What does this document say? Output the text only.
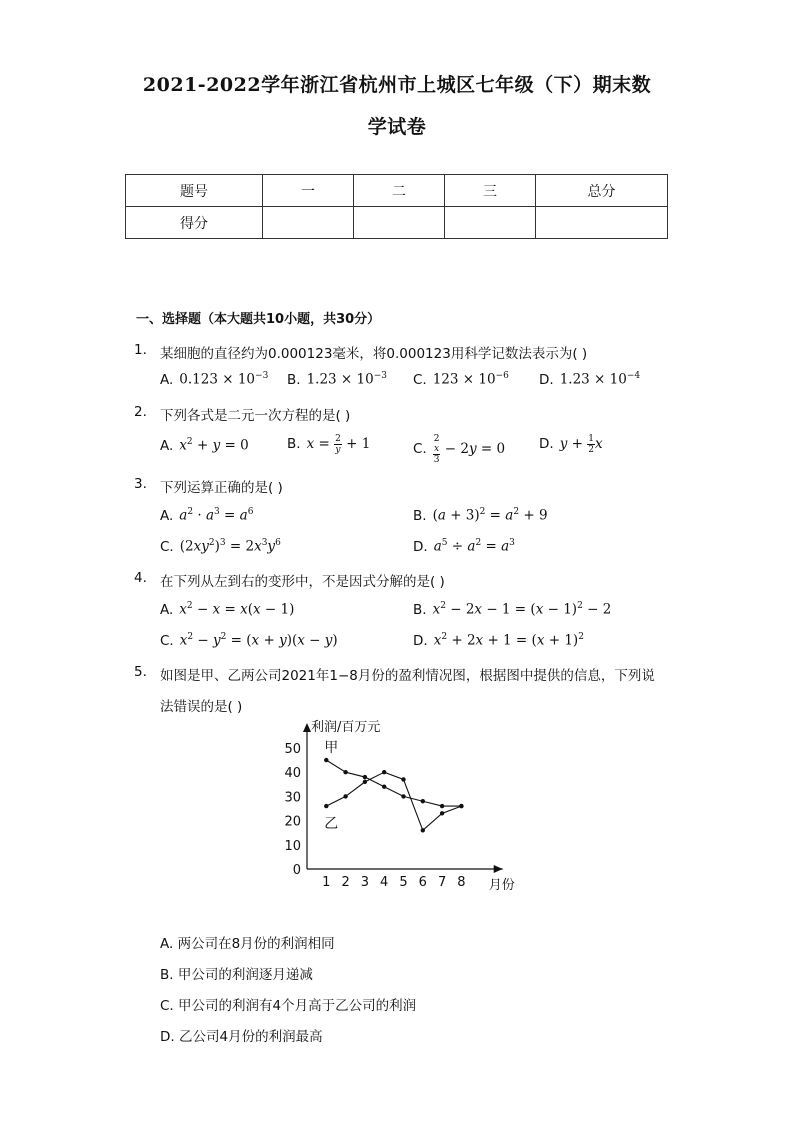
2021-2022学年浙江省杭州市上城区七年级（下）期末数
学试卷
题号	一	二	三	总分
得分				
一、选择题（本大题共10小题，共30分）
1. 某细胞的直径约为0.000123毫米，将0.000123用科学记数法表示为( )
A. $0.123 \times 10^{-3}$ B. $1.23 \times 10^{-3}$ C. $123 \times 10^{-6}$ D. $1.23 \times 10^{-4}$
2. 下列各式是二元一次方程的是( )
A. $x^2 + y = 0$	B. $x = \frac{2}{y} + 1$	C. 2
x
3 − 2y = 0	D. $y + \frac{1}{2}$ x
3. 下列运算正确的是( )
A. $a^2 \cdot a^3 = a^6$	B. $(a + 3)^2 = a^2 + 9$
C. $(2xy^2)^3 = 2x^3y^6$	D. $a^5 \div a^2 = a^3$
4. 在下列从左到右的变形中，不是因式分解的是( )
A. $x^2 - x = x(x - 1)$	B. $x^2 - 2x - 1 = (x - 1)^2 - 2$
C. $x^2 - y^2 = (x + y)(x - y)$	D. $x^2 + 2x + 1 = (x + 1)^2$
5. 如图是甲、乙两公司2021年1−8月份的盈利情况图，根据图中提供的信息，下列说
法错误的是( )
0
10
20
30
40
50
1 2 3 4 5 6 7 8
利润/百万元
月份
甲
乙
A. 两公司在8月份的利润相同
B. 甲公司的利润逐月递减
C. 甲公司的利润有4个月高于乙公司的利润
D. 乙公司4月份的利润最高
